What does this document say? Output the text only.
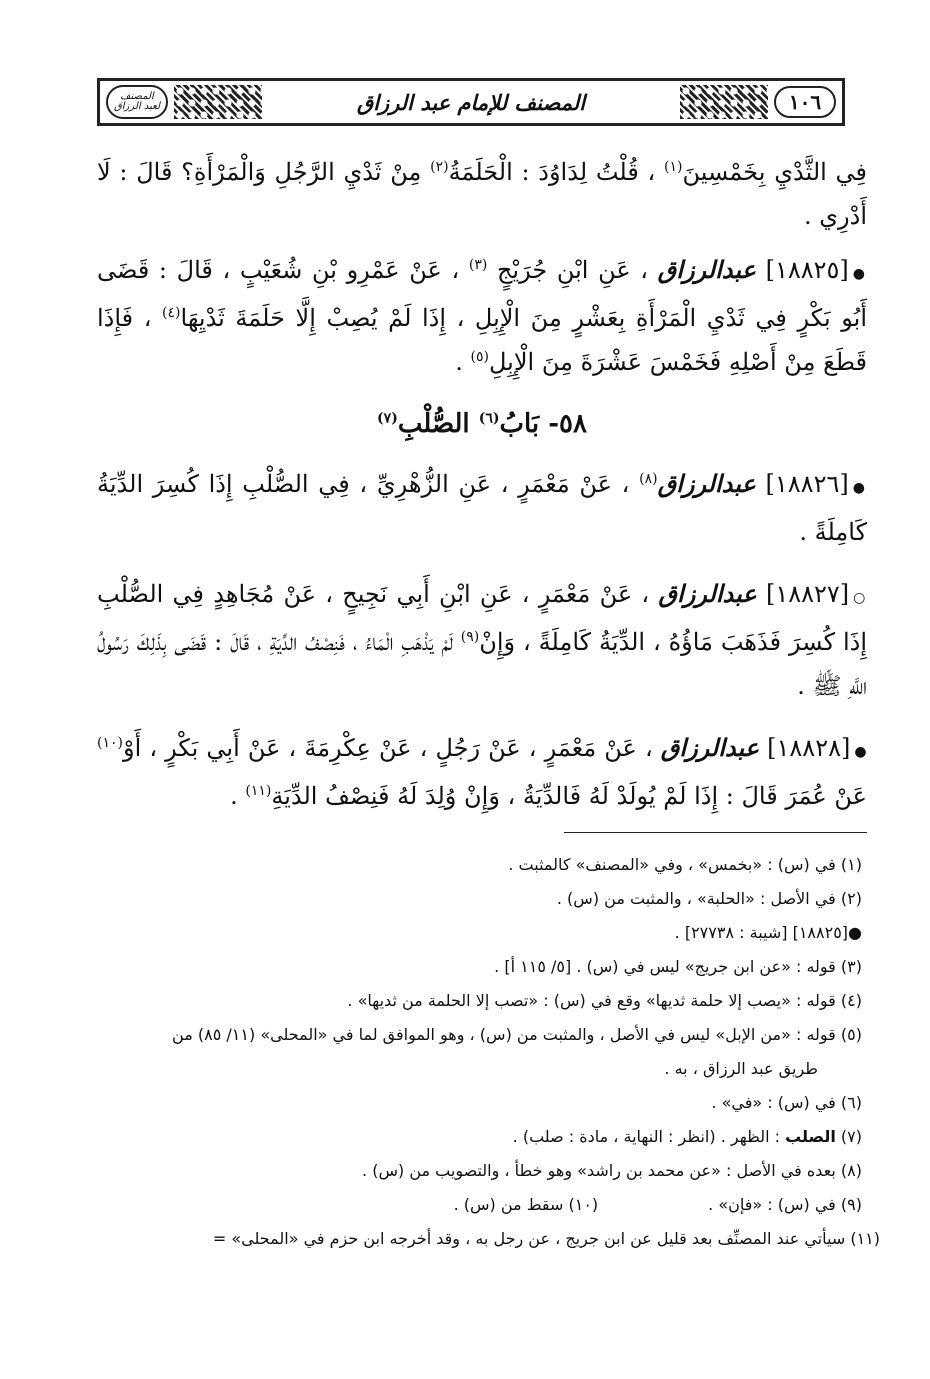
١٠٦
المصنف للإمام عبد الرزاق
المصنف
لعبد الرزاق

فِي الثَّدْيِ بِخَمْسِينَ$^{(١)}$ ، قُلْتُ لِدَاوُدَ : الْحَلَمَةُ$^{(٢)}$ مِنْ ثَدْيِ الرَّجُلِ وَالْمَرْأَةِ؟ قَالَ : لَا أَدْرِي .

●[١٨٨٢٥] عبدالرزاق ، عَنِ ابْنِ جُرَيْجٍ $^{(٣)}$ ، عَنْ عَمْرِو بْنِ شُعَيْبٍ ، قَالَ : قَضَى أَبُو بَكْرٍ فِي ثَدْيِ الْمَرْأَةِ بِعَشْرٍ مِنَ الْإِبِلِ ، إِذَا لَمْ يُصِبْ إِلَّا حَلَمَةَ ثَدْيِهَا$^{(٤)}$ ، فَإِذَا قَطَعَ مِنْ أَصْلِهِ فَخَمْسَ عَشْرَةَ مِنَ الْإِبِلِ$^{(٥)}$ .

٥٨- بَابُ$^{(٦)}$ الصُّلْبِ$^{(٧)}$

●[١٨٨٢٦] عبدالرزاق$^{(٨)}$ ، عَنْ مَعْمَرٍ ، عَنِ الزُّهْرِيِّ ، فِي الصُّلْبِ إِذَا كُسِرَ الدِّيَةُ كَامِلَةً .

○[١٨٨٢٧] عبدالرزاق ، عَنْ مَعْمَرٍ ، عَنِ ابْنِ أَبِي نَجِيحٍ ، عَنْ مُجَاهِدٍ فِي الصُّلْبِ إِذَا كُسِرَ فَذَهَبَ مَاؤُهُ ، الدِّيَةُ كَامِلَةً ، وَإِنْ$^{(٩)}$ لَمْ يَذْهَبِ الْمَاءُ ، فَنِصْفُ الدِّيَةِ ، قَالَ : قَضَى بِذَلِكَ رَسُولُ اللَّهِ ﷺ .

●[١٨٨٢٨] عبدالرزاق ، عَنْ مَعْمَرٍ ، عَنْ رَجُلٍ ، عَنْ عِكْرِمَةَ ، عَنْ أَبِي بَكْرٍ ، أَوْ$^{(١٠)}$ عَنْ عُمَرَ قَالَ : إِذَا لَمْ يُولَدْ لَهُ فَالدِّيَةُ ، وَإِنْ وُلِدَ لَهُ فَنِصْفُ الدِّيَةِ$^{(١١)}$ .

(١) في (س) : «بخمس» ، وفي «المصنف» كالمثبت .

(٢) في الأصل : «الحلبة» ، والمثبت من (س) .

●[١٨٨٢٥] [شيبة : ٢٧٧٣٨] .

(٣) قوله : «عن ابن جريج» ليس في (س) . [٥/ ١١٥ أ] .

(٤) قوله : «يصب إلا حلمة ثديها» وقع في (س) : «تصب إلا الحلمة من ثديها» .

(٥) قوله : «من الإبل» ليس في الأصل ، والمثبت من (س) ، وهو الموافق لما في «المحلى» (١١/ ٨٥) من

طريق عبد الرزاق ، به .

(٦) في (س) : «في» .

(٧) الصلب : الظهر . (انظر : النهاية ، مادة : صلب) .

(٨) بعده في الأصل : «عن محمد بن راشد» وهو خطأ ، والتصويب من (س) .

(٩) في (س) : «فإن» .
(١٠) سقط من (س) .

(١١) سيأتي عند المصنِّف بعد قليل عن ابن جريج ، عن رجل به ، وقد أخرجه ابن حزم في «المحلى» =
